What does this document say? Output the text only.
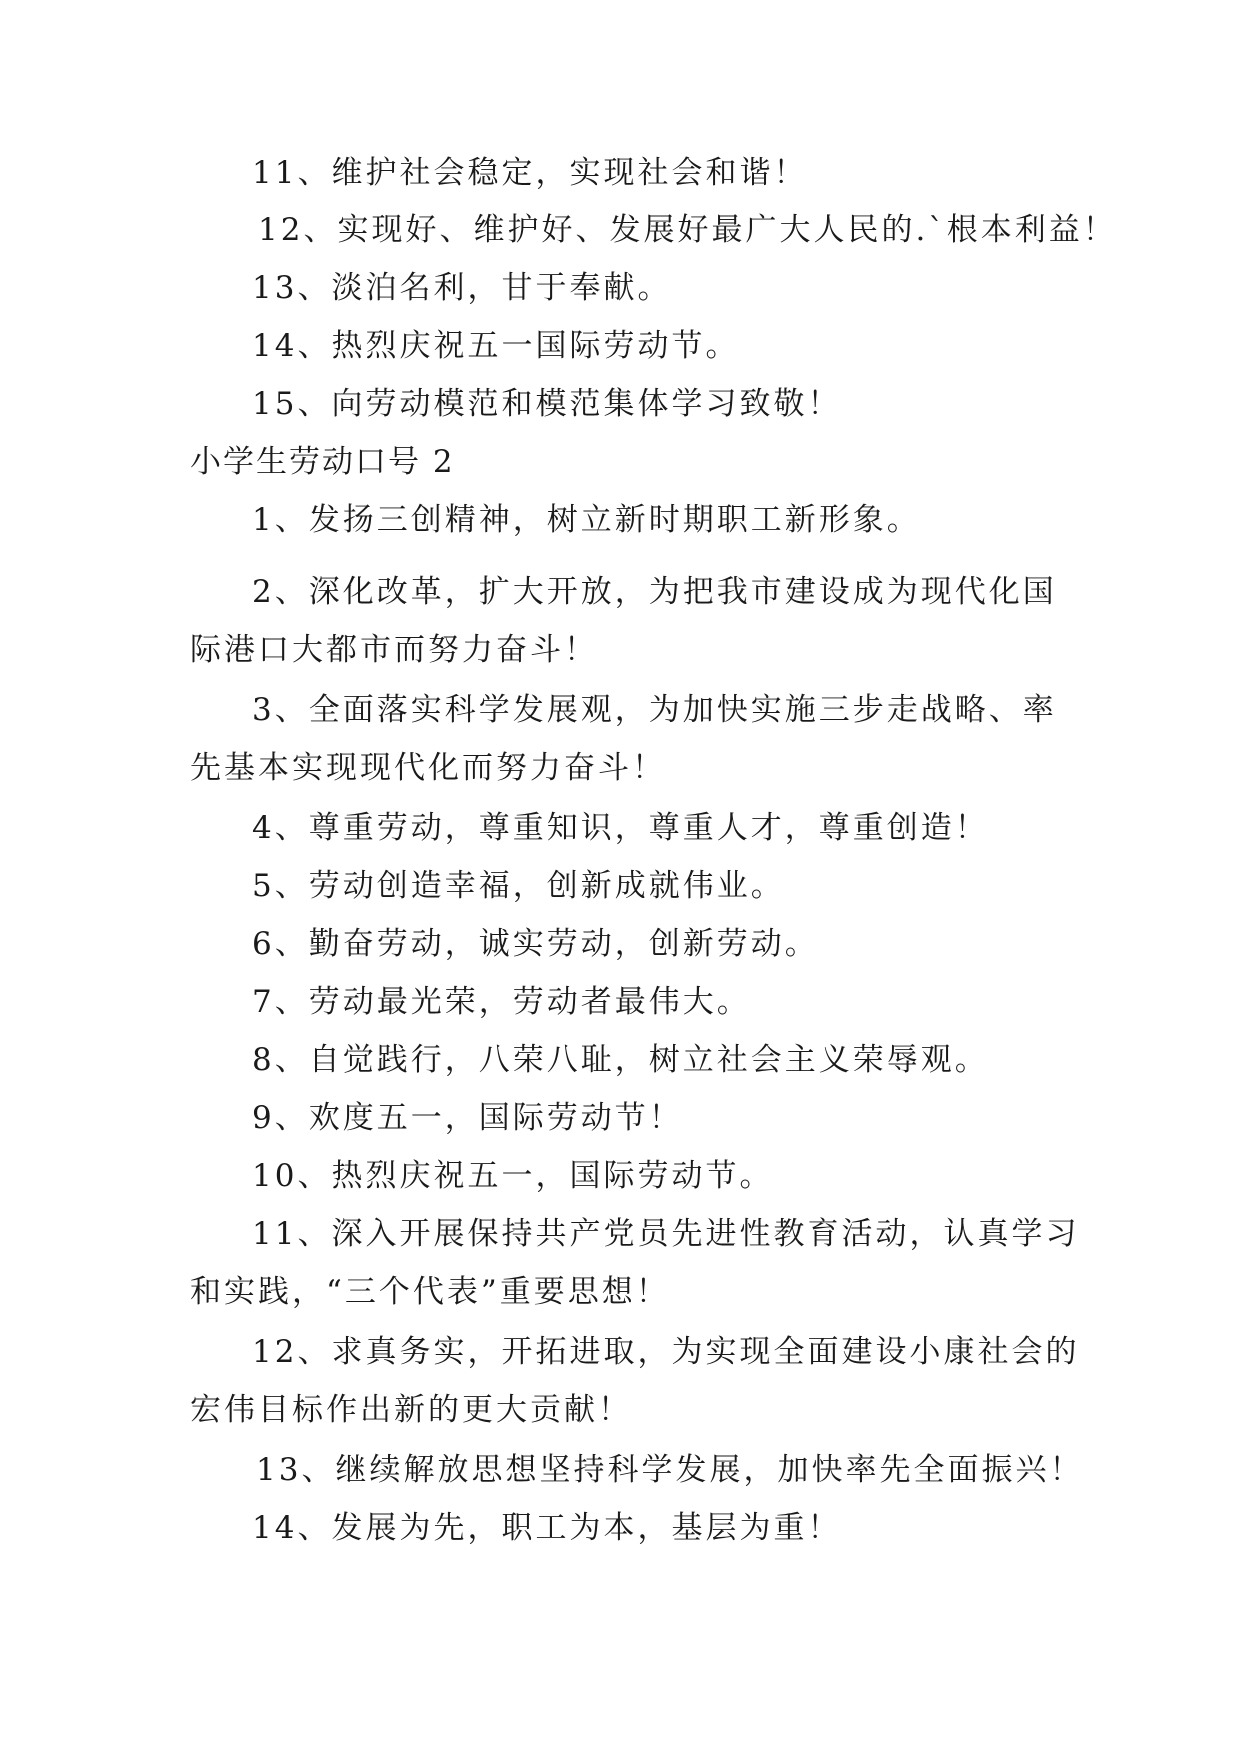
11、维护社会稳定，实现社会和谐！
12、实现好、维护好、发展好最广大人民的.`根本利益！
13、淡泊名利，甘于奉献。
14、热烈庆祝五一国际劳动节。
15、向劳动模范和模范集体学习致敬！
小学生劳动口号 2
1、发扬三创精神，树立新时期职工新形象。
2、深化改革，扩大开放，为把我市建设成为现代化国
际港口大都市而努力奋斗！
3、全面落实科学发展观，为加快实施三步走战略、率
先基本实现现代化而努力奋斗！
4、尊重劳动，尊重知识，尊重人才，尊重创造！
5、劳动创造幸福，创新成就伟业。
6、勤奋劳动，诚实劳动，创新劳动。
7、劳动最光荣，劳动者最伟大。
8、自觉践行，八荣八耻，树立社会主义荣辱观。
9、欢度五一，国际劳动节！
10、热烈庆祝五一，国际劳动节。
11、深入开展保持共产党员先进性教育活动，认真学习
和实践，“三个代表”重要思想！
12、求真务实，开拓进取，为实现全面建设小康社会的
宏伟目标作出新的更大贡献！
13、继续解放思想坚持科学发展，加快率先全面振兴！
14、发展为先，职工为本，基层为重！
